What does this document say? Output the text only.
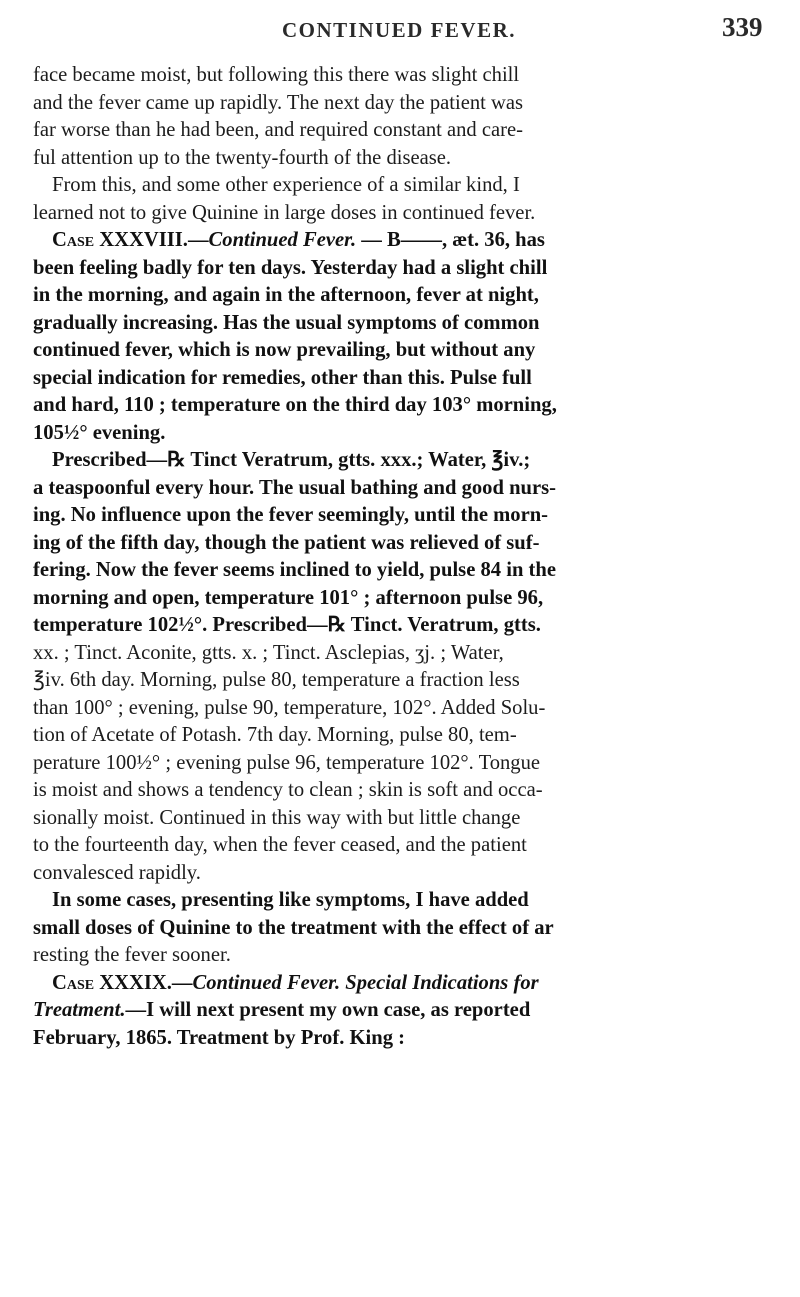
CONTINUED FEVER.	339
face became moist, but following this there was slight chill
and the fever came up rapidly. The next day the patient was
far worse than he had been, and required constant and care-
ful attention up to the twenty-fourth of the disease.
From this, and some other experience of a similar kind, I
learned not to give Quinine in large doses in continued fever.
Case XXXVIII.—Continued Fever. — B——, æt. 36, has
been feeling badly for ten days. Yesterday had a slight chill
in the morning, and again in the afternoon, fever at night,
gradually increasing. Has the usual symptoms of common
continued fever, which is now prevailing, but without any
special indication for remedies, other than this. Pulse full
and hard, 110 ; temperature on the third day 103° morning,
105½° evening.
Prescribed—℞ Tinct Veratrum, gtts. xxx.; Water, ℥iv.;
a teaspoonful every hour. The usual bathing and good nurs-
ing. No influence upon the fever seemingly, until the morn-
ing of the fifth day, though the patient was relieved of suf-
fering. Now the fever seems inclined to yield, pulse 84 in the
morning and open, temperature 101° ; afternoon pulse 96,
temperature 102½°. Prescribed—℞ Tinct. Veratrum, gtts.
xx. ; Tinct. Aconite, gtts. x. ; Tinct. Asclepias, ʒj. ; Water,
℥iv. 6th day. Morning, pulse 80, temperature a fraction less
than 100° ; evening, pulse 90, temperature, 102°. Added Solu-
tion of Acetate of Potash. 7th day. Morning, pulse 80, tem-
perature 100½° ; evening pulse 96, temperature 102°. Tongue
is moist and shows a tendency to clean ; skin is soft and occa-
sionally moist. Continued in this way with but little change
to the fourteenth day, when the fever ceased, and the patient
convalesced rapidly.
In some cases, presenting like symptoms, I have added
small doses of Quinine to the treatment with the effect of ar
resting the fever sooner.
Case XXXIX.—Continued Fever. Special Indications for
Treatment.—I will next present my own case, as reported
February, 1865. Treatment by Prof. King :
